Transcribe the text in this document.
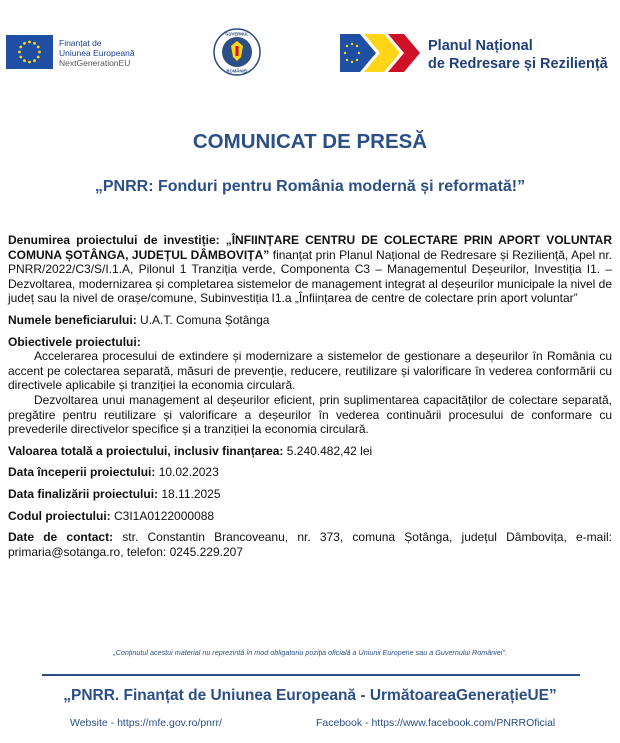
Finanțat de
Uniunea Europeană
NextGenerationEU
GUVERNUL
ROMÂNIEI
Planul Național
de Redresare și Reziliență
COMUNICAT DE PRESĂ
„PNRR: Fonduri pentru România modernă și reformată!”

Denumirea proiectului de investiție: „ÎNFIINȚARE CENTRU DE COLECTARE PRIN APORT VOLUNTAR COMUNA ȘOTÂNGA, JUDEȚUL DÂMBOVIȚA” finanțat prin Planul Național de Redresare și Reziliență, Apel nr. PNRR/2022/C3/S/I.1.A, Pilonul 1 Tranziția verde, Componenta C3 – Managementul Deșeurilor, Investiția I1. – Dezvoltarea, modernizarea și completarea sistemelor de management integrat al deșeurilor municipale la nivel de județ sau la nivel de orașe/comune, Subinvestiția I1.a „Înființarea de centre de colectare prin aport voluntar”

Numele beneficiarului: U.A.T. Comuna Șotânga

Obiectivele proiectului:

Accelerarea procesului de extindere și modernizare a sistemelor de gestionare a deșeurilor în România cu accent pe colectarea separată, măsuri de prevenție, reducere, reutilizare și valorificare în vederea conformării cu directivele aplicabile și tranziției la economia circulară.

Dezvoltarea unui management al deșeurilor eficient, prin suplimentarea capacităților de colectare separată, pregătire pentru reutilizare și valorificare a deșeurilor în vederea continuării procesului de conformare cu prevederile directivelor specifice și a tranziției la economia circulară.

Valoarea totală a proiectului, inclusiv finanțarea: 5.240.482,42 lei

Data începerii proiectului: 10.02.2023

Data finalizării proiectului: 18.11.2025

Codul proiectului: C3I1A0122000088

Date de contact: str. Constantin Brancoveanu, nr. 373, comuna Șotânga, județul Dâmbovița, e-mail: primaria@sotanga.ro, telefon: 0245.229.207

„Conținutul acestui material nu reprezintă în mod obligatoriu poziția oficială a Uniunii Europene sau a Guvernului României”.
„PNRR. Finanțat de Uniunea Europeană - UrmătoareaGenerațieUE”
Website - https://mfe.gov.ro/pnrr/	Facebook - https://www.facebook.com/PNRROficial
